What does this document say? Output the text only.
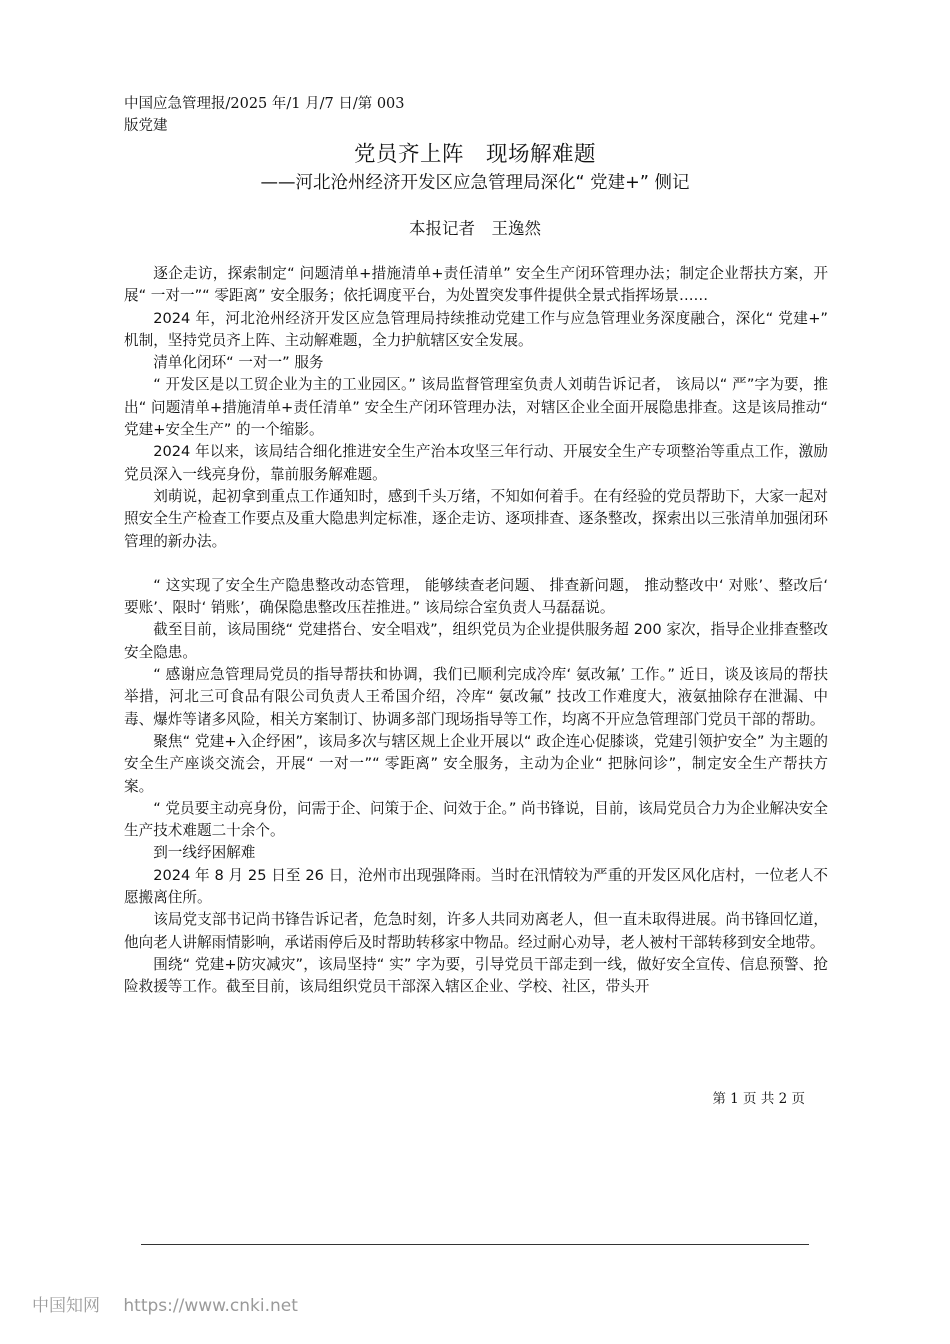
中国应急管理报/2025 年/1 月/7 日/第 003
版党建
党员齐上阵　现场解难题
——河北沧州经济开发区应急管理局深化“ 党建+” 侧记
本报记者　王逸然

逐企走访，探索制定“ 问题清单+措施清单+责任清单” 安全生产闭环管理办法；制定企业帮扶方案，开展“ 一对一”“ 零距离” 安全服务；依托调度平台，为处置突发事件提供全景式指挥场景……

2024 年，河北沧州经济开发区应急管理局持续推动党建工作与应急管理业务深度融合，深化“ 党建+” 机制，坚持党员齐上阵、主动解难题，全力护航辖区安全发展。

清单化闭环“ 一对一” 服务

“ 开发区是以工贸企业为主的工业园区。” 该局监督管理室负责人刘萌告诉记者， 该局以“ 严”字为要，推出“ 问题清单+措施清单+责任清单” 安全生产闭环管理办法，对辖区企业全面开展隐患排查。这是该局推动“ 党建+安全生产” 的一个缩影。

2024 年以来，该局结合细化推进安全生产治本攻坚三年行动、开展安全生产专项整治等重点工作，激励党员深入一线亮身份，靠前服务解难题。

刘萌说，起初拿到重点工作通知时，感到千头万绪，不知如何着手。在有经验的党员帮助下，大家一起对照安全生产检查工作要点及重大隐患判定标准，逐企走访、逐项排查、逐条整改，探索出以三张清单加强闭环管理的新办法。

“ 这实现了安全生产隐患整改动态管理， 能够续查老问题、 排查新问题， 推动整改中‘ 对账’、整改后‘ 要账’、限时‘ 销账’，确保隐患整改压茬推进。” 该局综合室负责人马磊磊说。

截至目前，该局围绕“ 党建搭台、安全唱戏”，组织党员为企业提供服务超 200 家次，指导企业排查整改安全隐患。

“ 感谢应急管理局党员的指导帮扶和协调，我们已顺利完成冷库‘ 氨改氟’ 工作。” 近日，谈及该局的帮扶举措，河北三可食品有限公司负责人王希国介绍，冷库“ 氨改氟” 技改工作难度大，液氨抽除存在泄漏、中毒、爆炸等诸多风险，相关方案制订、协调多部门现场指导等工作，均离不开应急管理部门党员干部的帮助。

聚焦“ 党建+入企纾困”，该局多次与辖区规上企业开展以“ 政企连心促膝谈，党建引领护安全” 为主题的安全生产座谈交流会，开展“ 一对一”“ 零距离” 安全服务，主动为企业“ 把脉问诊”，制定安全生产帮扶方案。

“ 党员要主动亮身份，问需于企、问策于企、问效于企。” 尚书锋说，目前，该局党员合力为企业解决安全生产技术难题二十余个。

到一线纾困解难

2024 年 8 月 25 日至 26 日，沧州市出现强降雨。当时在汛情较为严重的开发区风化店村，一位老人不愿搬离住所。

该局党支部书记尚书锋告诉记者，危急时刻，许多人共同劝离老人，但一直未取得进展。尚书锋回忆道，他向老人讲解雨情影响，承诺雨停后及时帮助转移家中物品。经过耐心劝导，老人被村干部转移到安全地带。

围绕“ 党建+防灾减灾”，该局坚持“ 实” 字为要，引导党员干部走到一线，做好安全宣传、信息预警、抢险救援等工作。截至目前，该局组织党员干部深入辖区企业、学校、社区，带头开

第 1 页 共 2 页
中国知网 https://www.cnki.net
